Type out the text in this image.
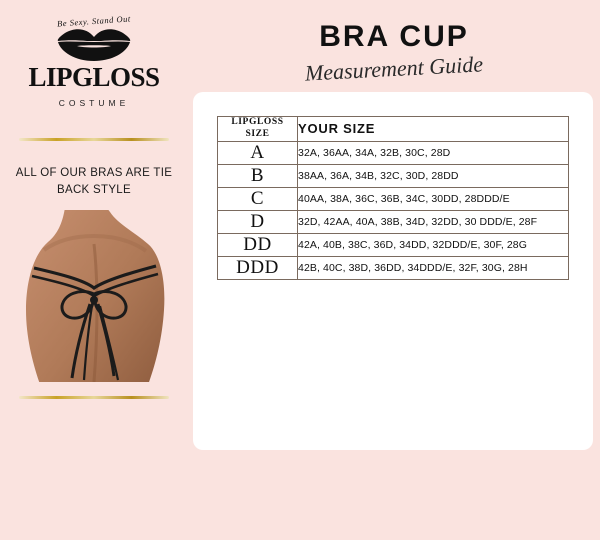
Be Sexy. Stand Out
LIPGLOSS
COSTUME
ALL OF OUR BRAS ARE TIE BACK STYLE
BRA CUP
Measurement Guide
LIPGLOSS
SIZE	YOUR SIZE
A	32A, 36AA, 34A, 32B, 30C, 28D
B	38AA, 36A, 34B, 32C, 30D, 28DD
C	40AA, 38A, 36C, 36B, 34C, 30DD, 28DDD/E
D	32D, 42AA, 40A, 38B, 34D, 32DD, 30 DDD/E, 28F
DD	42A, 40B, 38C, 36D, 34DD, 32DDD/E, 30F, 28G
DDD	42B, 40C, 38D, 36DD, 34DDD/E, 32F, 30G, 28H
